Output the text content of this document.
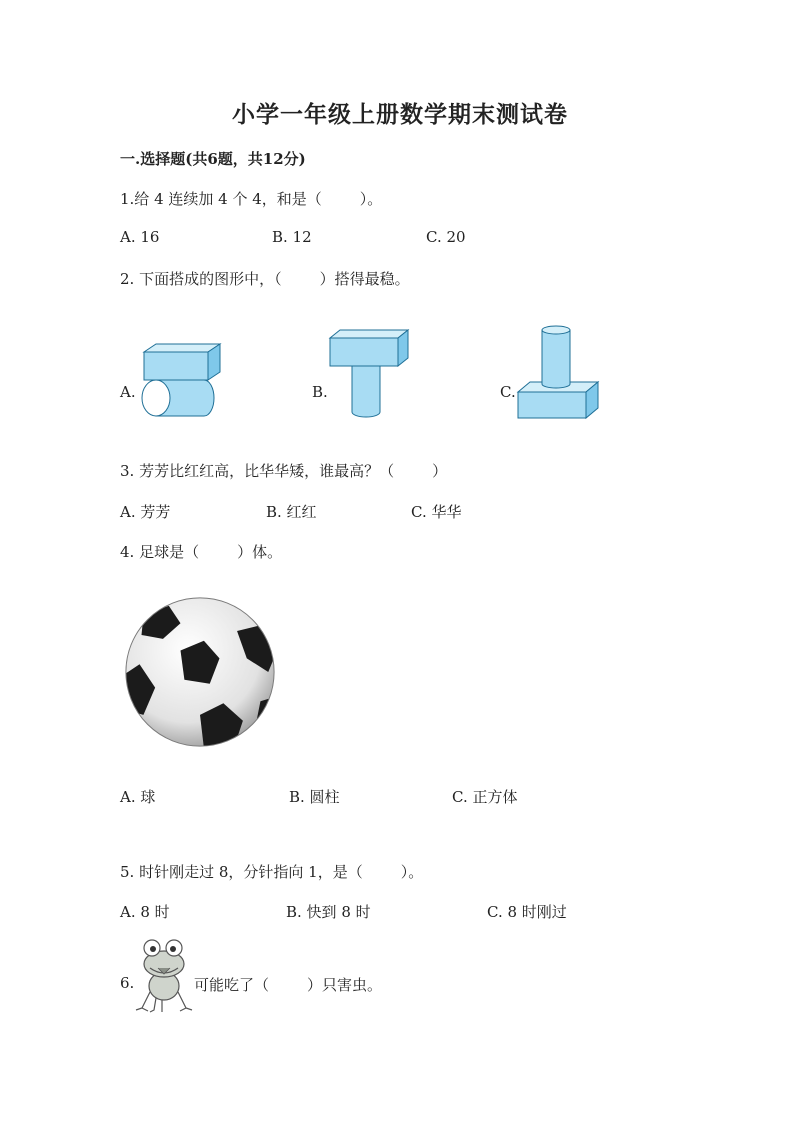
小学一年级上册数学期末测试卷
一.选择题(共6题，共12分)
1.给 4 连续加 4 个 4，和是（	）。
A. 16	B. 12	C. 20
2. 下面搭成的图形中，（	）搭得最稳。
A.	B.	C.
3. 芳芳比红红高，比华华矮，谁最高？（	）
A. 芳芳	B. 红红	C. 华华
4. 足球是（	）体。
A. 球	B. 圆柱	C. 正方体
5. 时针刚走过 8，分针指向 1，是（	）。
A. 8 时	B. 快到 8 时	C. 8 时刚过
6.	可能吃了（	）只害虫。
